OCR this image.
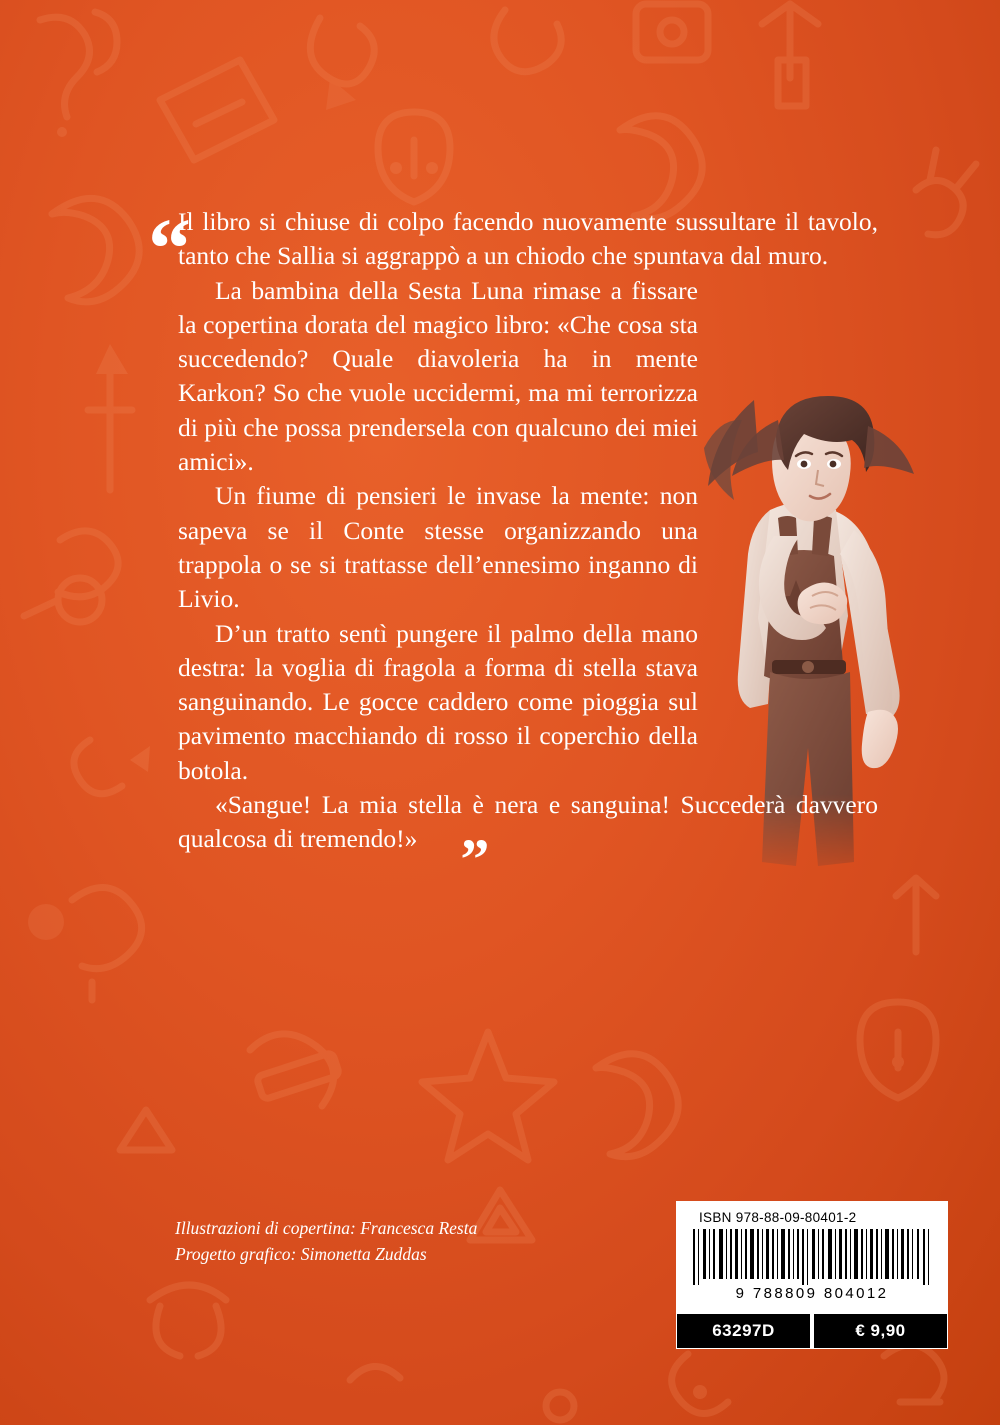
“

Il libro si chiuse di colpo facendo nuovamente sussultare il tavolo, tanto che Sallia si aggrappò a un chiodo che spuntava dal muro.

La bambina della Sesta Luna rimase a fissare la copertina dorata del magico libro: «Che cosa sta succedendo? Quale diavoleria ha in mente Karkon? So che vuole uccidermi, ma mi terrorizza di più che possa prendersela con qualcuno dei miei amici».

Un fiume di pensieri le invase la mente: non sapeva se il Conte stesse organizzando una trappola o se si trattasse dell’ennesimo inganno di Livio.

D’un tratto sentì pungere il palmo della mano destra: la voglia di fragola a forma di stella stava sanguinando. Le gocce caddero come pioggia sul pavimento macchiando di rosso il coperchio della botola.

«Sangue! La mia stella è nera e sanguina! Succederà davvero qualcosa di tremendo!» ”

Illustrazioni di copertina: Francesca Resta
Progetto grafico: Simonetta Zuddas
ISBN 978-88-09-80401-2
9 788809 804012
63297D	€ 9,90
